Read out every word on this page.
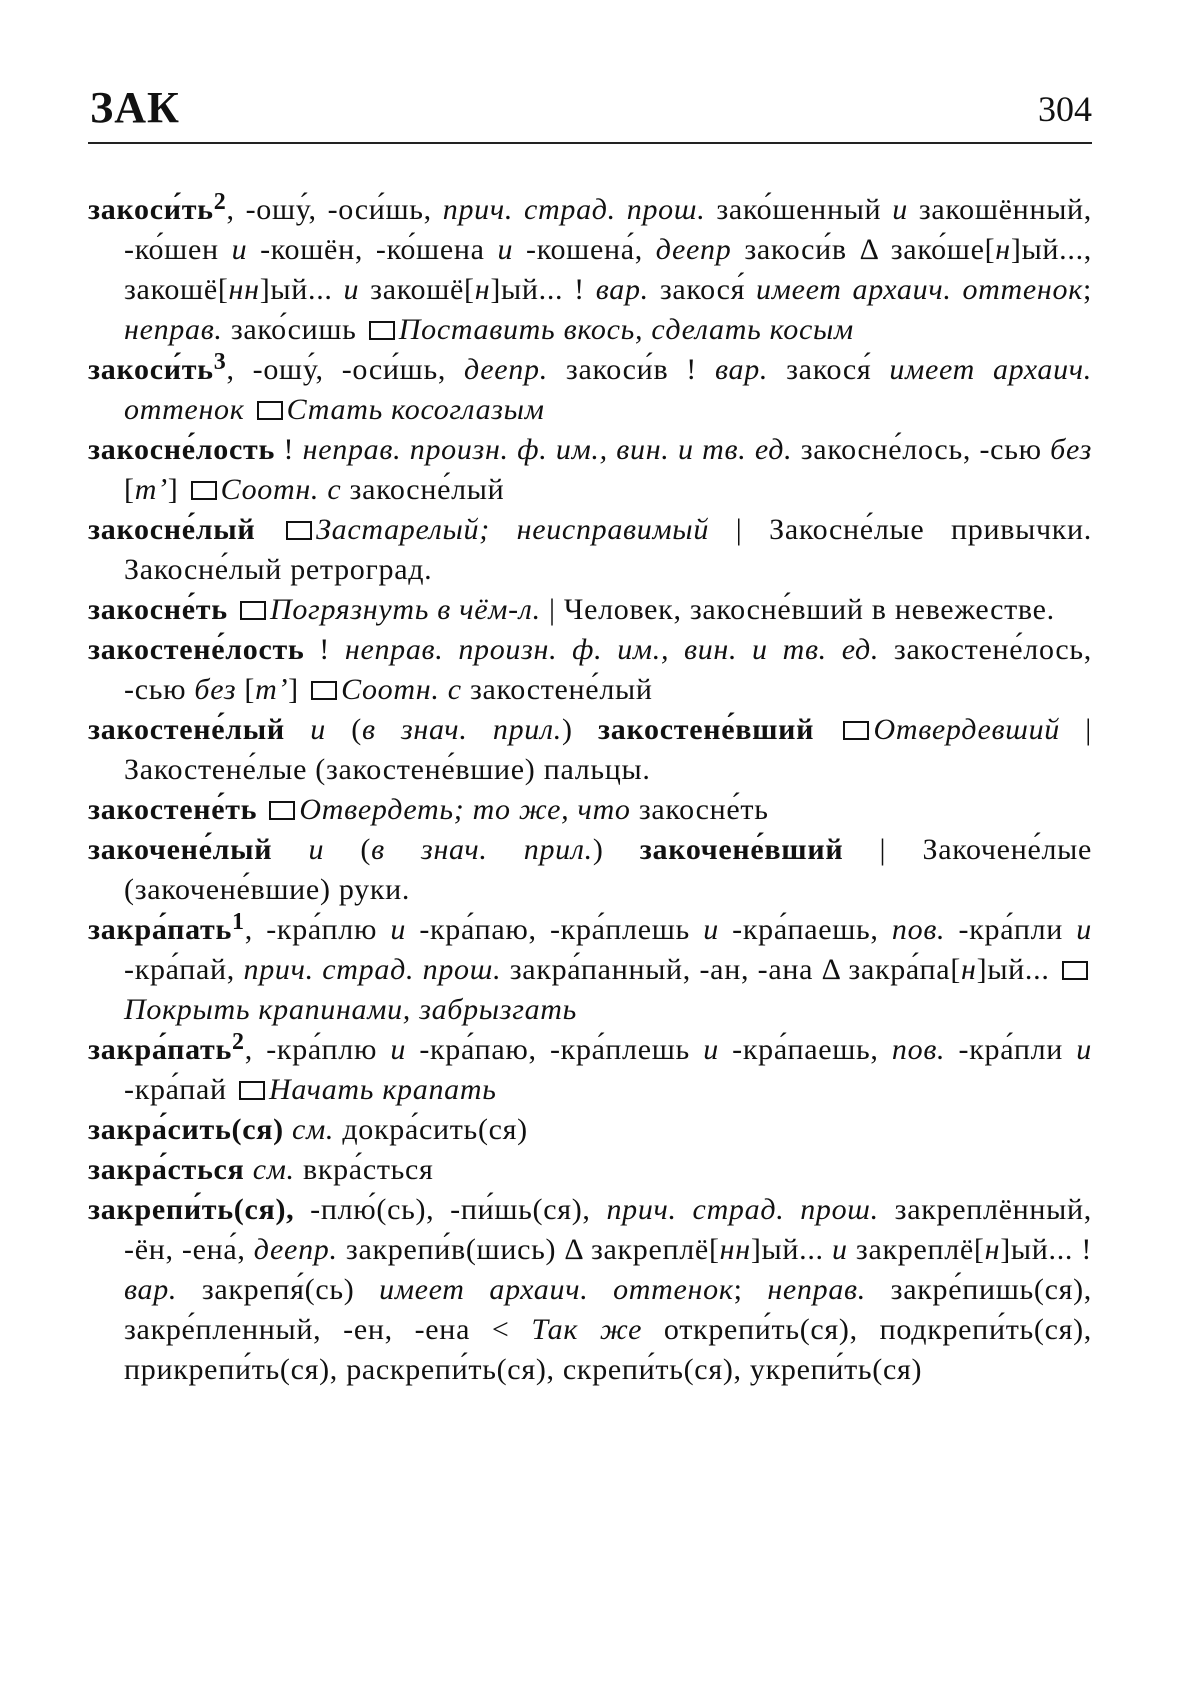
ЗАК	304

$закоси́ть^2$, -ошу́, -оси́шь, прич. страд. прош. зако́шенный и закошённый, -ко́шен и -кошён, -ко́шена и -кошена́, деепр закоси́в Δ зако́ше[н]ый..., закошё[нн]ый... и закошё[н]ый... ! вар. закося́ имеет архаич. оттенок; неправ. зако́сишь Поставить вкось, сделать косым

$закоси́ть^3$, -ошу́, -оси́шь, деепр. закоси́в ! вар. закося́ имеет архаич. оттенок Стать косоглазым

закосне́лость ! неправ. произн. ф. им., вин. и тв. ед. закосне́лось, -сью без [тʼ] Соотн. с закосне́лый

закосне́лый Застарелый; неисправимый | Закосне́лые привычки. Закосне́лый ретроград.

закосне́ть Погрязнуть в чём-л. | Человек, закосне́вший в невежестве.

закостене́лость ! неправ. произн. ф. им., вин. и тв. ед. закостене́лось, -сью без [тʼ] Соотн. с закостене́лый

закостене́лый и (в знач. прил.) закостене́вший Отвердевший | Закостене́лые (закостене́вшие) пальцы.

закостене́ть Отвердеть; то же, что закосне́ть

закочене́лый и (в знач. прил.) закочене́вший | Закочене́лые (закочене́вшие) руки.

закра́пать$^1$, -кра́плю и -кра́паю, -кра́плешь и -кра́паешь, пов. -кра́пли и -кра́пай, прич. страд. прош. закра́панный, -ан, -ана Δ закра́па[н]ый... Покрыть крапинами, забрызгать

закра́пать$^2$, -кра́плю и -кра́паю, -кра́плешь и -кра́паешь, пов. -кра́пли и -кра́пай Начать крапать

закра́сить(ся) см. докра́сить(ся)

закра́сться см. вкра́сться

закрепи́ть(ся), -плю́(сь), -пи́шь(ся), прич. страд. прош. закреплённый, -ён, -ена́, деепр. закрепи́в(шись) Δ закреплё[нн]ый... и закреплё[н]ый... ! вар. закрепя́(сь) имеет архаич. оттенок; неправ. закре́пишь(ся), закре́пленный, -ен, -ена < Так же открепи́ть(ся), подкрепи́ть(ся), прикрепи́ть(ся), раскрепи́ть(ся), скрепи́ть(ся), укрепи́ть(ся)
